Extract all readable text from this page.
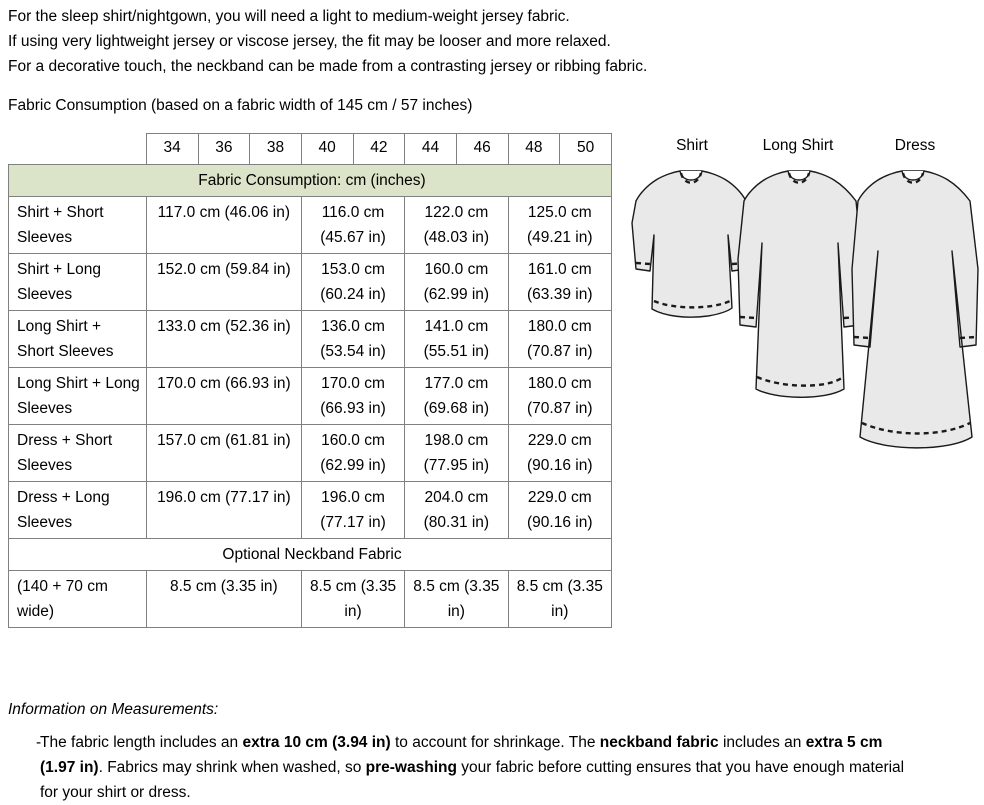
For the sleep shirt/nightgown, you will need a light to medium-weight jersey fabric.

If using very lightweight jersey or viscose jersey, the fit may be looser and more relaxed.

For a decorative touch, the neckband can be made from a contrasting jersey or ribbing fabric.

Fabric Consumption (based on a fabric width of 145 cm / 57 inches)
	34	36	38	40	42	44	46	48	50
Fabric Consumption: cm (inches)									
Shirt + Short Sleeves	117.0 cm (46.06 in)			116.0 cm (45.67 in)		122.0 cm (48.03 in)		125.0 cm (49.21 in)	
Shirt + Long Sleeves	152.0 cm (59.84 in)			153.0 cm (60.24 in)		160.0 cm (62.99 in)		161.0 cm (63.39 in)	
Long Shirt + Short Sleeves	133.0 cm (52.36 in)			136.0 cm (53.54 in)		141.0 cm (55.51 in)		180.0 cm (70.87 in)	
Long Shirt + Long Sleeves	170.0 cm (66.93 in)			170.0 cm (66.93 in)		177.0 cm (69.68 in)		180.0 cm (70.87 in)	
Dress + Short Sleeves	157.0 cm (61.81 in)			160.0 cm (62.99 in)		198.0 cm (77.95 in)		229.0 cm (90.16 in)	
Dress + Long Sleeves	196.0 cm (77.17 in)			196.0 cm (77.17 in)		204.0 cm (80.31 in)		229.0 cm (90.16 in)	
Optional Neckband Fabric									
(140 + 70 cm wide)	8.5 cm (3.35 in)			8.5 cm (3.35 in)		8.5 cm (3.35 in)		8.5 cm (3.35 in)	
Shirt	Long Shirt	Dress

Information on Measurements:

-
The fabric length includes an extra 10 cm (3.94 in) to account for shrinkage. The neckband fabric includes an extra 5 cm (1.97 in). Fabrics may shrink when washed, so pre-washing your fabric before cutting ensures that you have enough material for your shirt or dress.
